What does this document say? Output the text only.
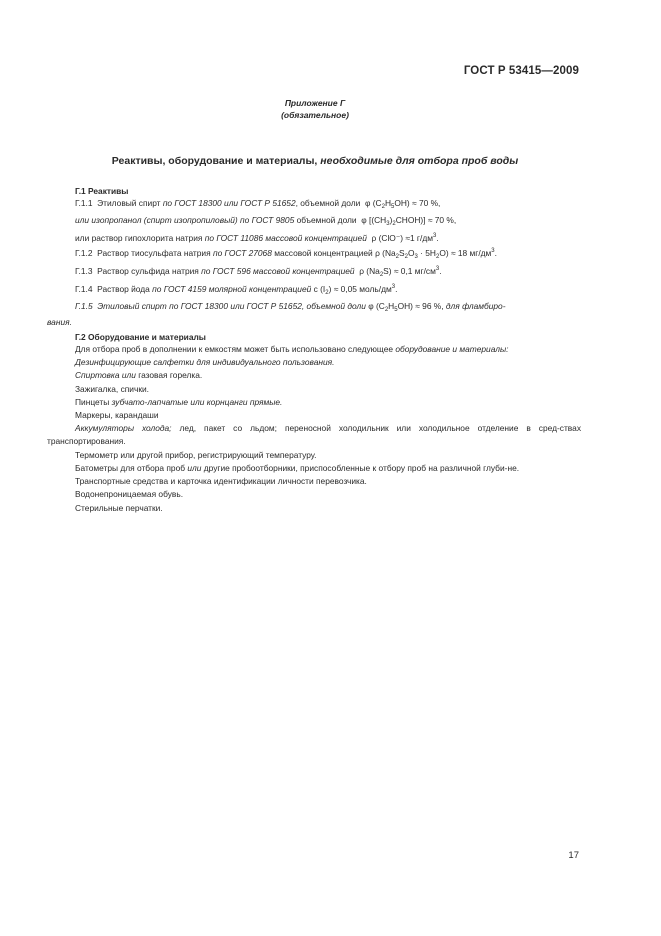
ГОСТ Р 53415—2009
Приложение Г
(обязательное)
Реактивы, оборудование и материалы, необходимые для отбора проб воды

Г.1 Реактивы

Г.1.1 Этиловый спирт по ГОСТ 18300 или ГОСТ Р 51652, объемной доли φ $(C_2H_5OH) \approx 70$ %,

или изопропанол (спирт изопропиловый) по ГОСТ 9805 объемной доли φ $[(CH_3)_2CHOH)] \approx 70$ %,

или раствор гипохлорита натрия по ГОСТ 11086 массовой концентрацией ρ (ClO⁻) ≈1 $г/дм^3$.

Г.1.2 Раствор тиосульфата натрия по ГОСТ 27068 массовой концентрацией ρ $(Na_2S_2O_3 \cdot 5H_2O) \approx 18$ $мг/дм^3$.

Г.1.3 Раствор сульфида натрия по ГОСТ 596 массовой концентрацией ρ $(Na_2S) \approx 0,1$ $мг/см^3$.

Г.1.4 Раствор йода по ГОСТ 4159 молярной концентрацией c $(I_2) \approx 0,05$ моль/$дм^3$.

Г.1.5 Этиловый спирт по ГОСТ 18300 или ГОСТ Р 51652, объемной доли φ $(C_2H_5OH) \approx 96$ %, для фламбиро-
вания.

Г.2 Оборудование и материалы

Для отбора проб в дополнении к емкостям может быть использовано следующее оборудование и материалы:

Дезинфицирующие салфетки для индивидуального пользования.

Спиртовка или газовая горелка.

Зажигалка, спички.

Пинцеты зубчато-лапчатые или корнцанги прямые.

Маркеры, карандаши

Аккумуляторы холода; лед, пакет со льдом; переносной холодильник или холодильное отделение в сред-ствах транспортирования.

Термометр или другой прибор, регистрирующий температуру.

Батометры для отбора проб или другие пробоотборники, приспособленные к отбору проб на различной глуби-не.

Транспортные средства и карточка идентификации личности перевозчика.

Водонепроницаемая обувь.

Стерильные перчатки.

17
